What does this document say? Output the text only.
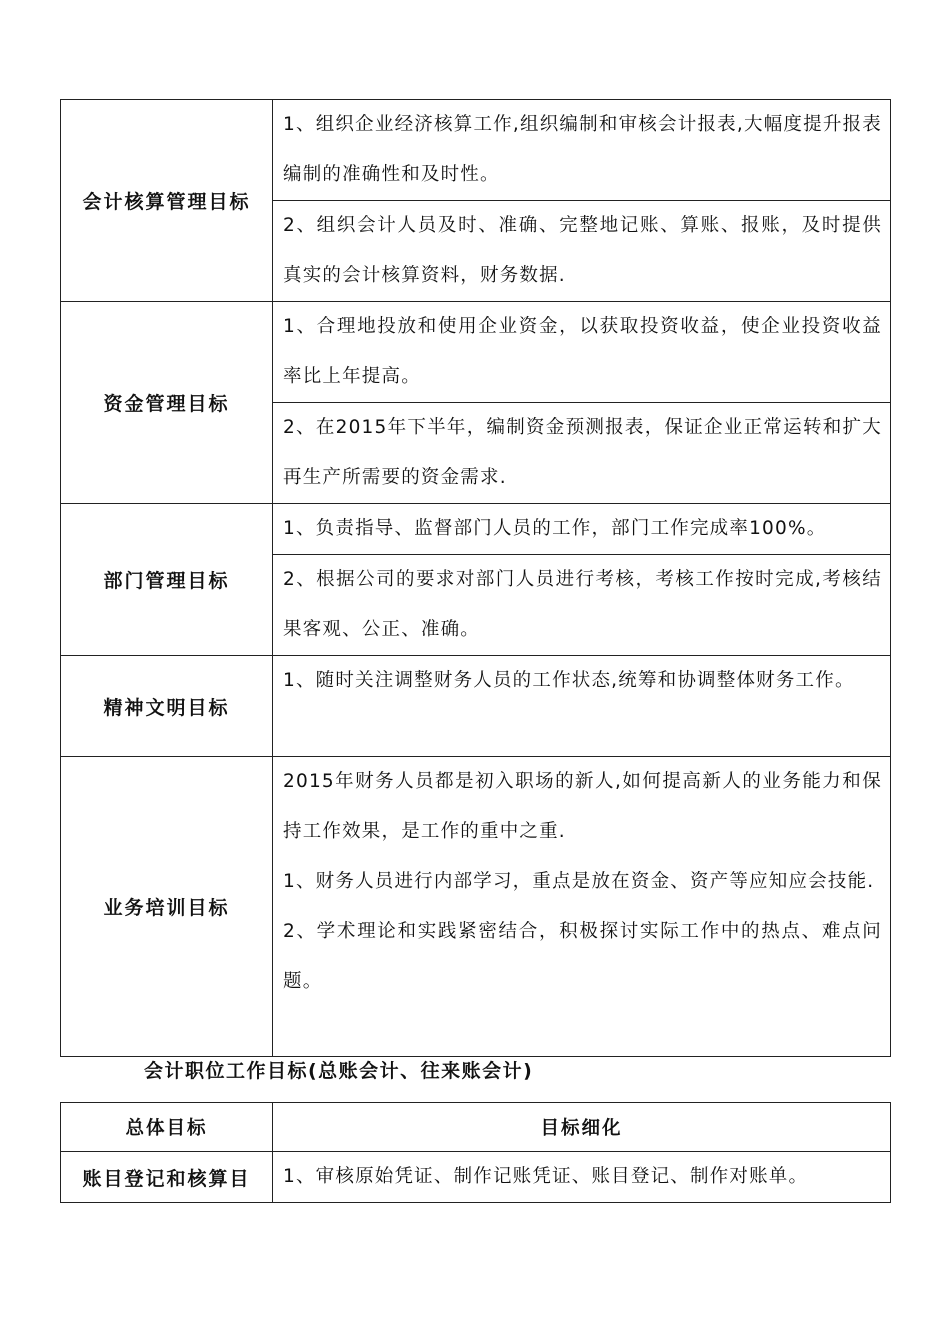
会计核算管理目标	1、组织企业经济核算工作,组织编制和审核会计报表,大幅度提升报表编制的准确性和及时性。
	2、组织会计人员及时、准确、完整地记账、算账、报账，及时提供真实的会计核算资料，财务数据.
资金管理目标	1、合理地投放和使用企业资金，以获取投资收益，使企业投资收益率比上年提高。
	2、在2015年下半年，编制资金预测报表，保证企业正常运转和扩大再生产所需要的资金需求.
部门管理目标	1、负责指导、监督部门人员的工作，部门工作完成率100%。
	2、根据公司的要求对部门人员进行考核，考核工作按时完成,考核结果客观、公正、准确。
精神文明目标	1、随时关注调整财务人员的工作状态,统筹和协调整体财务工作。
业务培训目标	2015年财务人员都是初入职场的新人,如何提高新人的业务能力和保持工作效果，是工作的重中之重.

1、财务人员进行内部学习，重点是放在资金、资产等应知应会技能.

2、学术理论和实践紧密结合，积极探讨实际工作中的热点、难点问题。

会计职位工作目标(总账会计、往来账会计)

总体目标	目标细化
账目登记和核算目	1、审核原始凭证、制作记账凭证、账目登记、制作对账单。
